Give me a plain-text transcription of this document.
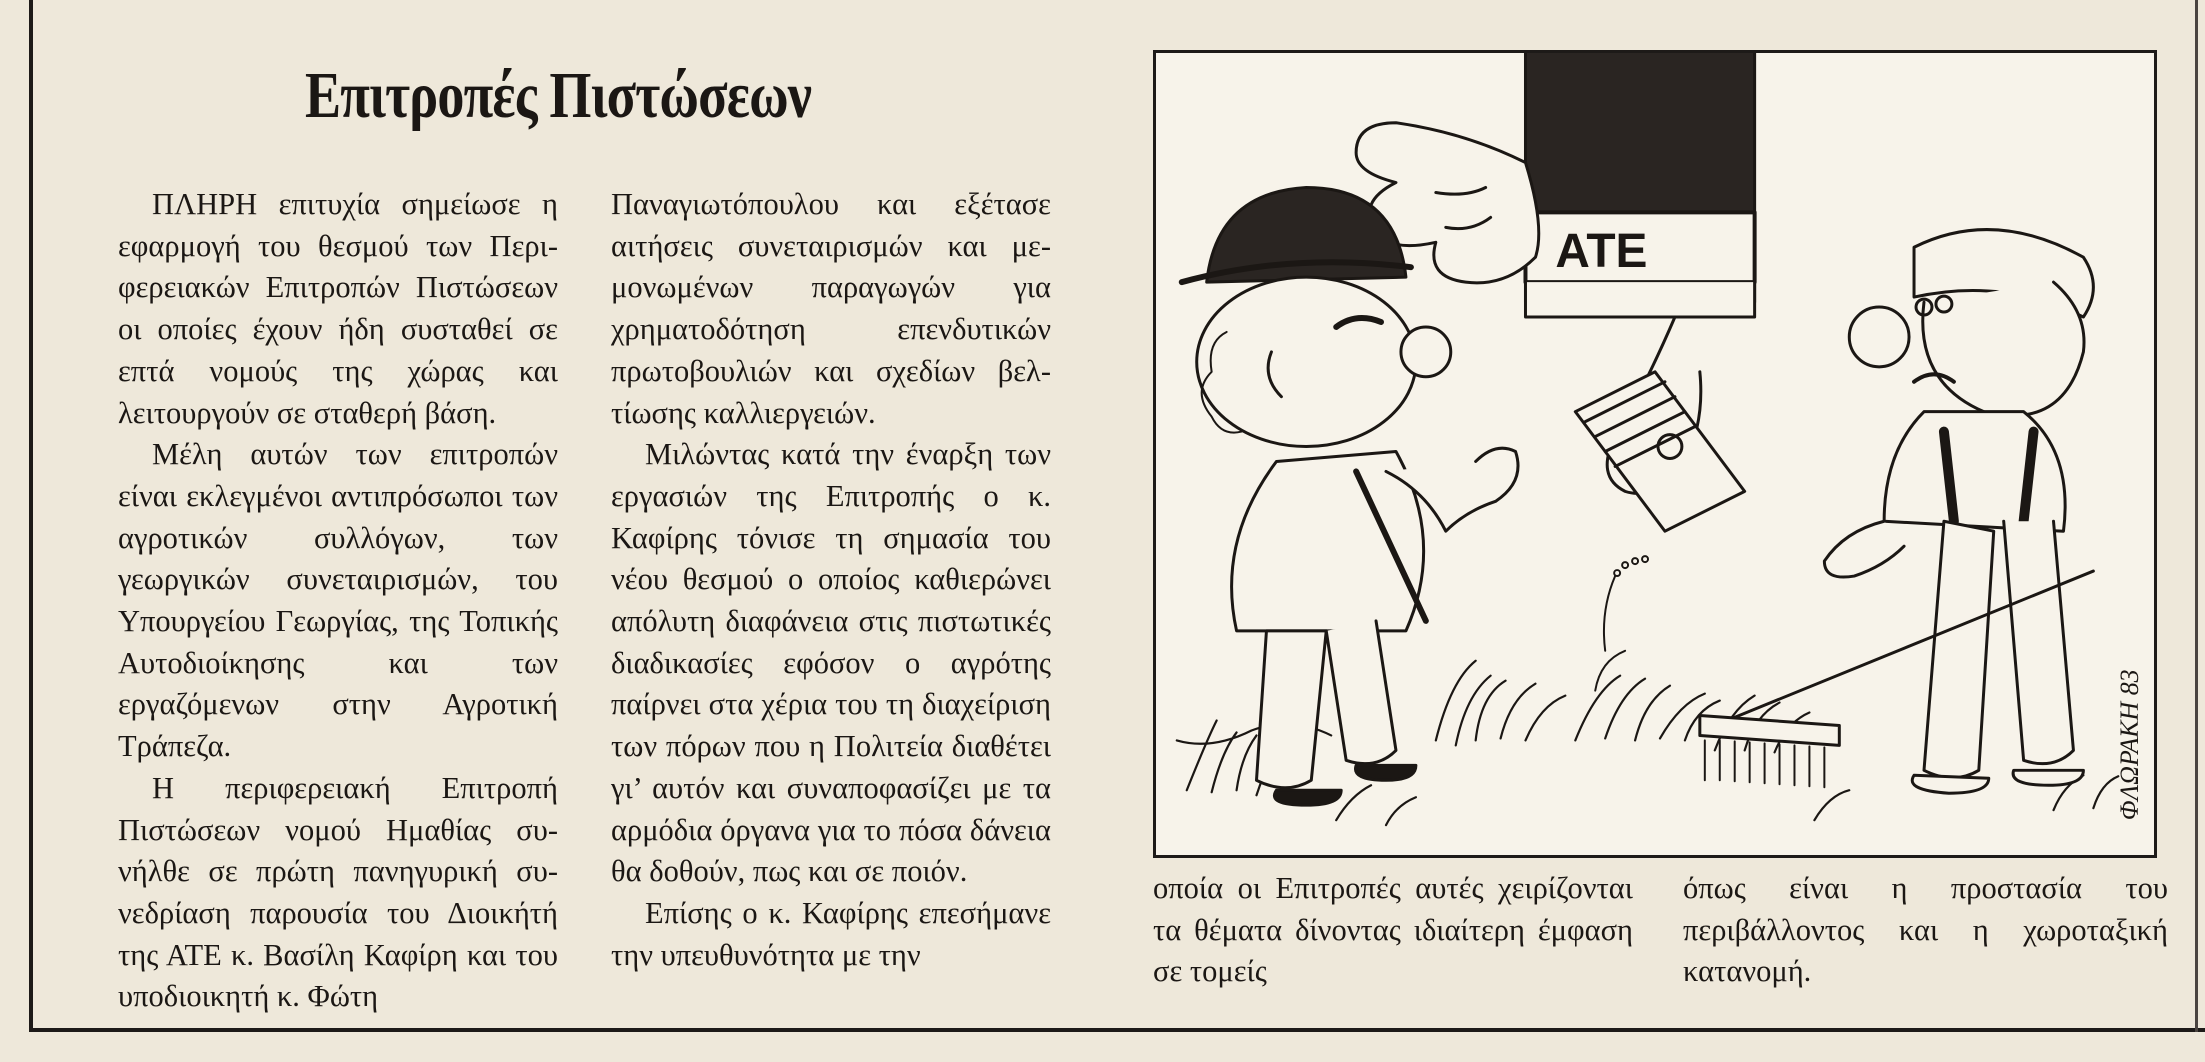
Επιτροπές Πιστώσεων

ΠΛΗΡΗ επιτυχία σημείωσε η εφαρμογή του θεσμού των Περιφερειακών Επιτροπών Πιστώσεων οι οποίες έχουν ήδη συσταθεί σε επτά νομούς της χώρας και λειτουργούν σε σταθερή βάση.

Μέλη αυτών των επιτροπών είναι εκλεγμένοι αντιπρόσωποι των αγροτικών συλλόγων, των γεωργικών συνεταιρισμών, του Υπουργείου Γεωργίας, της Τοπικής Αυτοδιοίκησης και των εργαζόμενων στην Αγροτική Τράπεζα.

Η περιφερειακή Επιτροπή Πιστώσεων νομού Ημαθίας συνήλθε σε πρώτη πανηγυρική συνεδρίαση παρουσία του Διοικήτή της ΑΤΕ κ. Βασίλη Καφίρη και του υποδιοικητή κ. Φώτη

Παναγιωτόπουλου και εξέτασε αιτήσεις συνεταιρισμών και μεμονωμένων παραγωγών για χρηματοδότηση επενδυτικών πρωτοβουλιών και σχεδίων βελτίωσης καλλιεργειών.

Μιλώντας κατά την έναρξη των εργασιών της Επιτροπής ο κ. Καφίρης τόνισε τη σημασία του νέου θεσμού ο οποίος καθιερώνει απόλυτη διαφάνεια στις πιστωτικές διαδικασίες εφόσον ο αγρότης παίρνει στα χέρια του τη διαχείριση των πόρων που η Πολιτεία διαθέτει γι’ αυτόν και συναποφασίζει με τα αρμόδια όργανα για το πόσα δάνεια θα δοθούν, πως και σε ποιόν.

Επίσης ο κ. Καφίρης επεσήμανε την υπευθυνότητα με την

οποία οι Επιτροπές αυτές χειρίζονται τα θέματα δίνοντας ιδιαίτερη έμφαση σε τομείς

όπως είναι η προστασία του περιβάλλοντος και η χωροταξική κατανομή.

ATE
ΦΛΩΡΑΚΗ 83
